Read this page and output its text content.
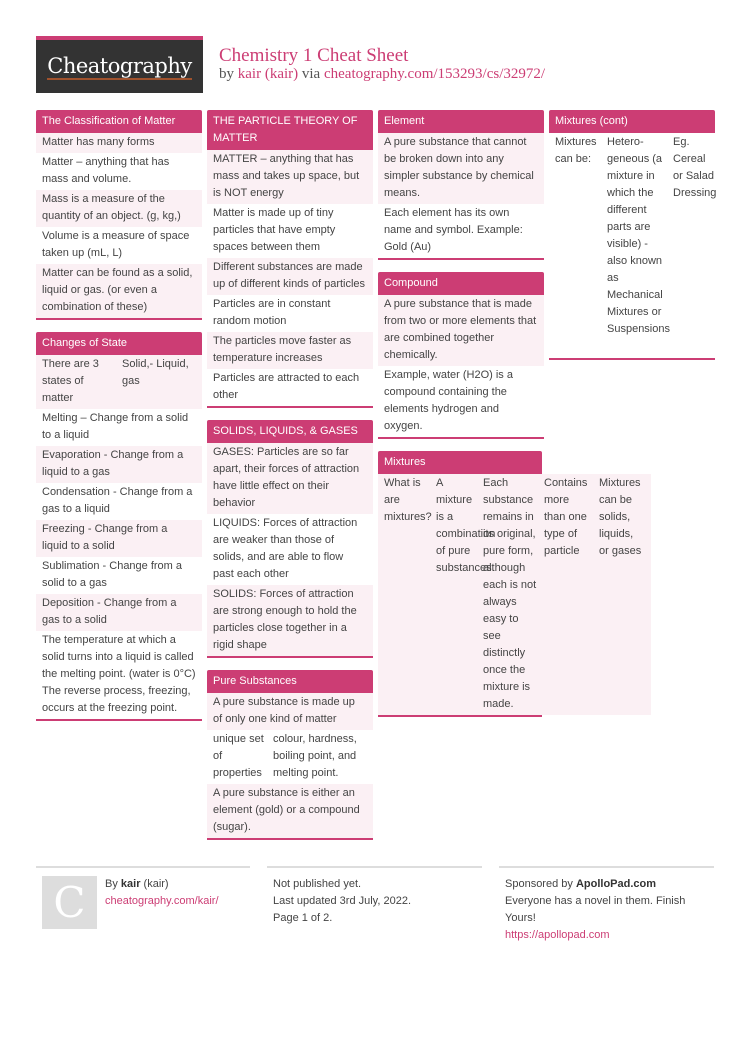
Cheatography Chemistry 1 Cheat Sheet
by kair (kair) via cheatography.com/153293/cs/32972/
The Classification of Matter
Matter has many forms
Matter – anything that has mass and volume.
Mass is a measure of the quantity of an object. (g, kg,)
Volume is a measure of space taken up (mL, L)
Matter can be found as a solid, liquid or gas. (or even a combination of these)
Changes of State
There are 3 states of matter
Solid,- Liquid, gas
Melting – Change from a solid to a liquid
Evaporation - Change from a liquid to a gas
Condensation - Change from a gas to a liquid
Freezing - Change from a liquid to a solid
Sublimation - Change from a solid to a gas
Deposition - Change from a gas to a solid
The temperature at which a solid turns into a liquid is called the melting point. (water is 0°C) The reverse process, freezing, occurs at the freezing point.
THE PARTICLE THEORY OF MATTER
MATTER – anything that has mass and takes up space, but is NOT energy
Matter is made up of tiny particles that have empty spaces between them
Different substances are made up of different kinds of particles
Particles are in constant random motion
The particles move faster as temperature increases
Particles are attracted to each other
SOLIDS, LIQUIDS, & GASES
GASES: Particles are so far apart, their forces of attraction have little effect on their behavior
LIQUIDS: Forces of attraction are weaker than those of solids, and are able to flow past each other
SOLIDS: Forces of attraction are strong enough to hold the particles close together in a rigid shape
Pure Substances
A pure substance is made up of only one kind of matter
unique set of properties
colour, hardness, boiling point, and melting point.
A pure substance is either an element (gold) or a compound (sugar).
Element
A pure substance that cannot be broken down into any simpler substance by chemical means.
Each element has its own name and symbol. Example: Gold (Au)
Compound
A pure substance that is made from two or more elements that are combined together chemically.
Example, water (H2O) is a compound containing the elements hydrogen and oxygen.
Mixtures
What is are mixtures?
A mixture is a combination of pure substances.
Each substance remains in its original, pure form, although each is not always easy to see distinctly once the mixture is made.
Contains more than one type of particle
Mixtures can be solids, liquids, or gases
Mixtures (cont)
Mixtures can be:
Hetero- geneous (a mixture in which the different parts are visible) - also known as Mechanical Mixtures or Suspensions
Eg. Cereal or Salad Dressing
C	By kair (kair)
cheatography.com/kair/
Not published yet.
Last updated 3rd July, 2022.
Page 1 of 2.
Sponsored by ApolloPad.com
Everyone has a novel in them. Finish Yours!
https://apollopad.com
